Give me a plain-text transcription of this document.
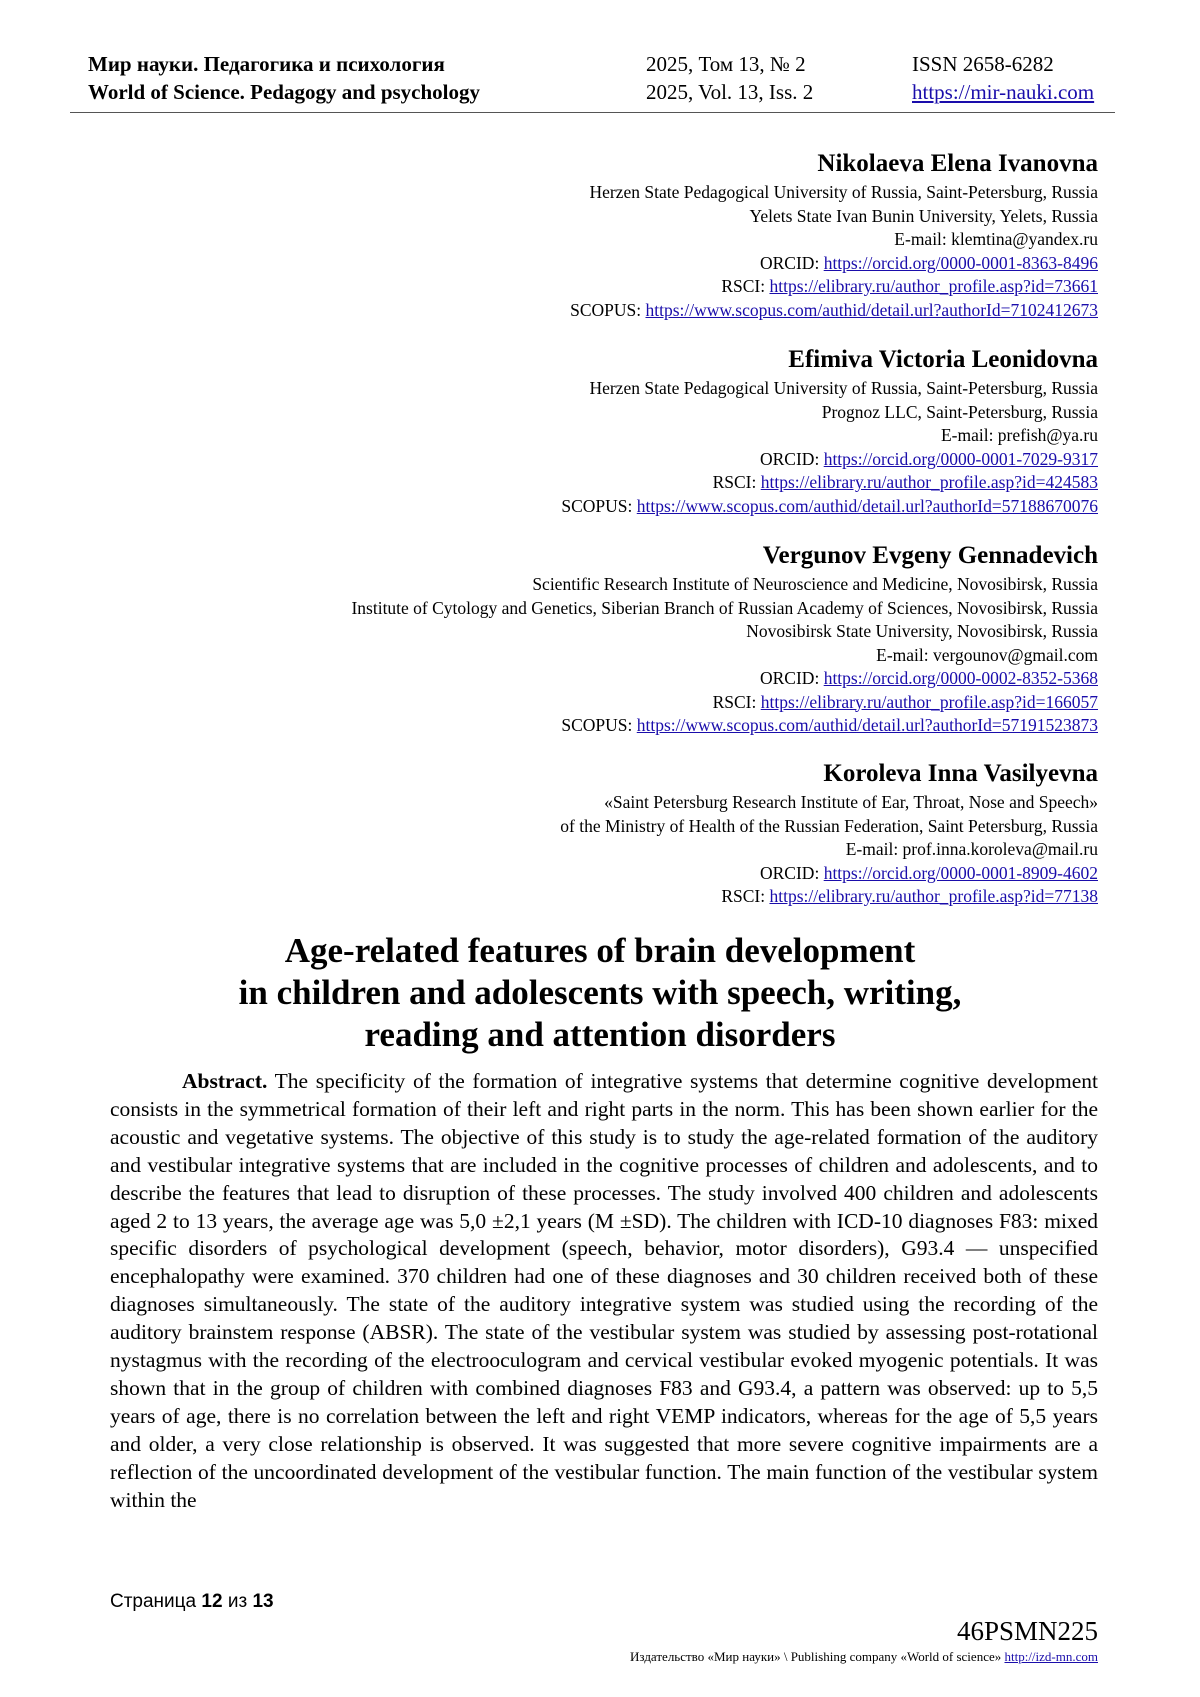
Мир науки. Педагогика и психология
World of Science. Pedagogy and psychology
2025, Том 13, № 2
2025, Vol. 13, Iss. 2
ISSN 2658-6282
https://mir-nauki.com
Nikolaeva Elena Ivanovna
Herzen State Pedagogical University of Russia, Saint-Petersburg, Russia
Yelets State Ivan Bunin University, Yelets, Russia
E-mail: klemtina@yandex.ru
ORCID: https://orcid.org/0000-0001-8363-8496
RSCI: https://elibrary.ru/author_profile.asp?id=73661
SCOPUS: https://www.scopus.com/authid/detail.url?authorId=7102412673
Efimiva Victoria Leonidovna
Herzen State Pedagogical University of Russia, Saint-Petersburg, Russia
Prognoz LLC, Saint-Petersburg, Russia
E-mail: prefish@ya.ru
ORCID: https://orcid.org/0000-0001-7029-9317
RSCI: https://elibrary.ru/author_profile.asp?id=424583
SCOPUS: https://www.scopus.com/authid/detail.url?authorId=57188670076
Vergunov Evgeny Gennadevich
Scientific Research Institute of Neuroscience and Medicine, Novosibirsk, Russia
Institute of Cytology and Genetics, Siberian Branch of Russian Academy of Sciences, Novosibirsk, Russia
Novosibirsk State University, Novosibirsk, Russia
E-mail: vergounov@gmail.com
ORCID: https://orcid.org/0000-0002-8352-5368
RSCI: https://elibrary.ru/author_profile.asp?id=166057
SCOPUS: https://www.scopus.com/authid/detail.url?authorId=57191523873
Koroleva Inna Vasilyevna
«Saint Petersburg Research Institute of Ear, Throat, Nose and Speech»
of the Ministry of Health of the Russian Federation, Saint Petersburg, Russia
E-mail: prof.inna.koroleva@mail.ru
ORCID: https://orcid.org/0000-0001-8909-4602
RSCI: https://elibrary.ru/author_profile.asp?id=77138
Age-related features of brain development
in children and adolescents with speech, writing,
reading and attention disorders
Abstract. The specificity of the formation of integrative systems that determine cognitive development consists in the symmetrical formation of their left and right parts in the norm. This has been shown earlier for the acoustic and vegetative systems. The objective of this study is to study the age-related formation of the auditory and vestibular integrative systems that are included in the cognitive processes of children and adolescents, and to describe the features that lead to disruption of these processes. The study involved 400 children and adolescents aged 2 to 13 years, the average age was 5,0 ±2,1 years (M ±SD). The children with ICD-10 diagnoses F83: mixed specific disorders of psychological development (speech, behavior, motor disorders), G93.4 — unspecified encephalopathy were examined. 370 children had one of these diagnoses and 30 children received both of these diagnoses simultaneously. The state of the auditory integrative system was studied using the recording of the auditory brainstem response (ABSR). The state of the vestibular system was studied by assessing post-rotational nystagmus with the recording of the electrooculogram and cervical vestibular evoked myogenic potentials. It was shown that in the group of children with combined diagnoses F83 and G93.4, a pattern was observed: up to 5,5 years of age, there is no correlation between the left and right VEMP indicators, whereas for the age of 5,5 years and older, a very close relationship is observed. It was suggested that more severe cognitive impairments are a reflection of the uncoordinated development of the vestibular function. The main function of the vestibular system within the
Страница 12 из 13
46PSMN225
Издательство «Мир науки» \ Publishing company «World of science» http://izd-mn.com
